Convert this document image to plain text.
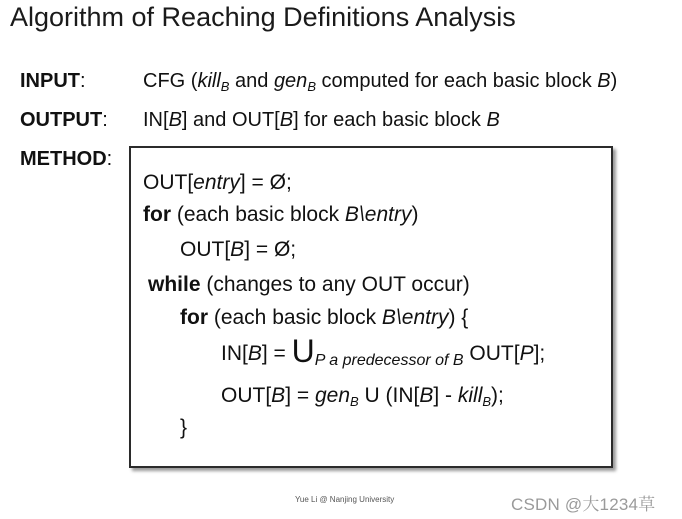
Algorithm of Reaching Definitions Analysis
INPUT:	CFG (kill$_B$ and gen$_B$ computed for each basic block B)
OUTPUT: IN[B] and OUT[B] for each basic block B
METHOD:
OUT[entry] = Ø;
for (each basic block B\entry)
OUT[B] = Ø;
while (changes to any OUT occur)
for (each basic block B\entry) {
$IN[B] = U_{P a predecessor of B}$ OUT[P];
OUT[B] = gen$_B$ U (IN[B] - kill$_B$);
}
Yue Li @ Nanjing University	CSDN @大1234草
